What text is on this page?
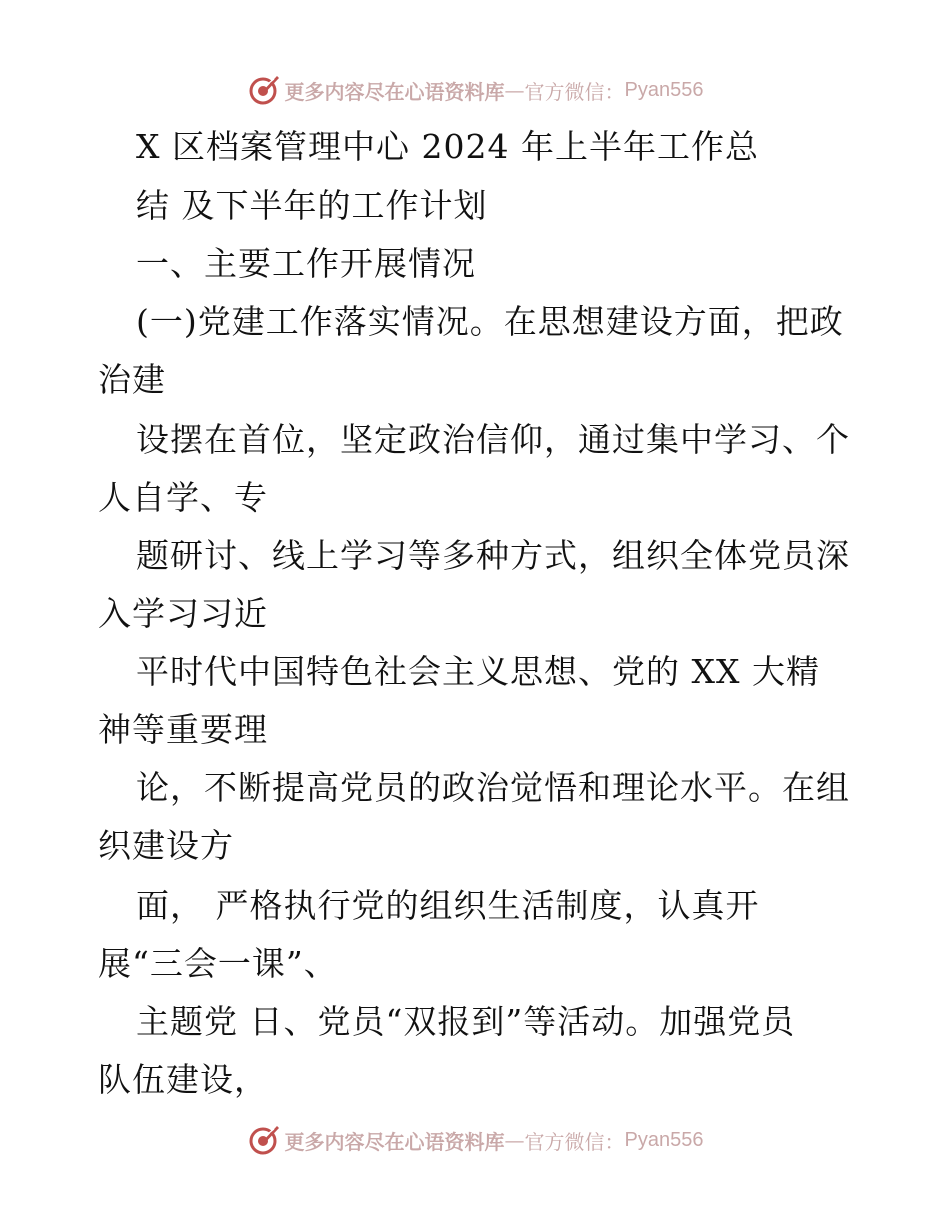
更多内容尽在心语资料库 — 官方微信： Pyan556
X 区档案管理中心 2024 年上半年工作总
结 及下半年的工作计划
一、主要工作开展情况
(一)党建工作落实情况。在思想建设方面，把政
治建
设摆在首位，坚定政治信仰，通过集中学习、个
人自学、专
题研讨、线上学习等多种方式，组织全体党员深
入学习习近
平时代中国特色社会主义思想、党的 XX 大精
神等重要理
论，不断提高党员的政治觉悟和理论水平。在组
织建设方
面， 严格执行党的组织生活制度，认真开
展“三会一课”、
主题党 日、党员“双报到”等活动。加强党员
队伍建设，
更多内容尽在心语资料库 — 官方微信： Pyan556
